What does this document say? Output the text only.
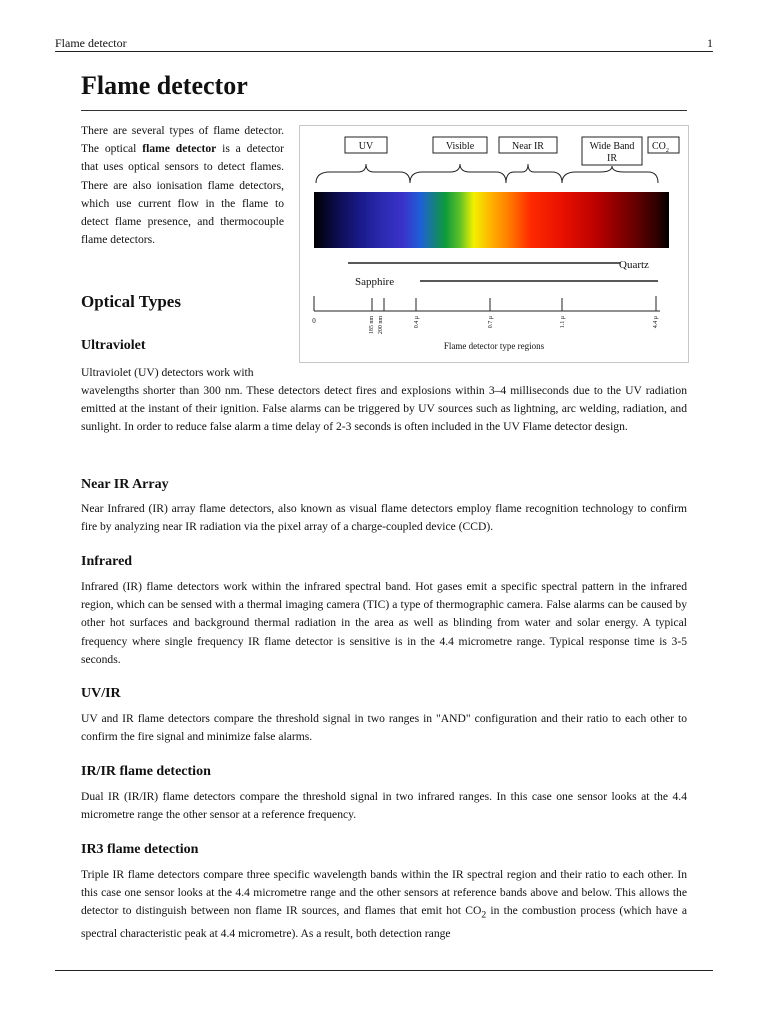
Flame detector	1
Flame detector

There are several types of flame detector. The optical flame detector is a detector that uses optical sensors to detect flames. There are also ionisation flame detectors, which use current flow in the flame to detect flame presence, and thermocouple flame detectors.

UV	Visible	Near IR	Wide Band
IR
$CO_2$
Quartz
Sapphire
0	185 nm 200 nm	0.4 μ	0.7 μ	1.1 μ	4.4 μ
Flame detector type regions
Optical Types
Ultraviolet

Ultraviolet (UV) detectors work with

wavelengths shorter than 300 nm. These detectors detect fires and explosions within 3–4 milliseconds due to the UV radiation emitted at the instant of their ignition. False alarms can be triggered by UV sources such as lightning, arc welding, radiation, and sunlight. In order to reduce false alarm a time delay of 2-3 seconds is often included in the UV Flame detector design.

Near IR Array

Near Infrared (IR) array flame detectors, also known as visual flame detectors employ flame recognition technology to confirm fire by analyzing near IR radiation via the pixel array of a charge-coupled device (CCD).

Infrared

Infrared (IR) flame detectors work within the infrared spectral band. Hot gases emit a specific spectral pattern in the infrared region, which can be sensed with a thermal imaging camera (TIC) a type of thermographic camera. False alarms can be caused by other hot surfaces and background thermal radiation in the area as well as blinding from water and solar energy. A typical frequency where single frequency IR flame detector is sensitive is in the 4.4 micrometre range. Typical response time is 3-5 seconds.

UV/IR

UV and IR flame detectors compare the threshold signal in two ranges in "AND" configuration and their ratio to each other to confirm the fire signal and minimize false alarms.

IR/IR flame detection

Dual IR (IR/IR) flame detectors compare the threshold signal in two infrared ranges. In this case one sensor looks at the 4.4 micrometre range the other sensor at a reference frequency.

IR3 flame detection

Triple IR flame detectors compare three specific wavelength bands within the IR spectral region and their ratio to each other. In this case one sensor looks at the 4.4 micrometre range and the other sensors at reference bands above and below. This allows the detector to distinguish between non flame IR sources, and flames that emit hot $CO_2$ in the combustion process (which have a spectral characteristic peak at 4.4 micrometre). As a result, both detection range
